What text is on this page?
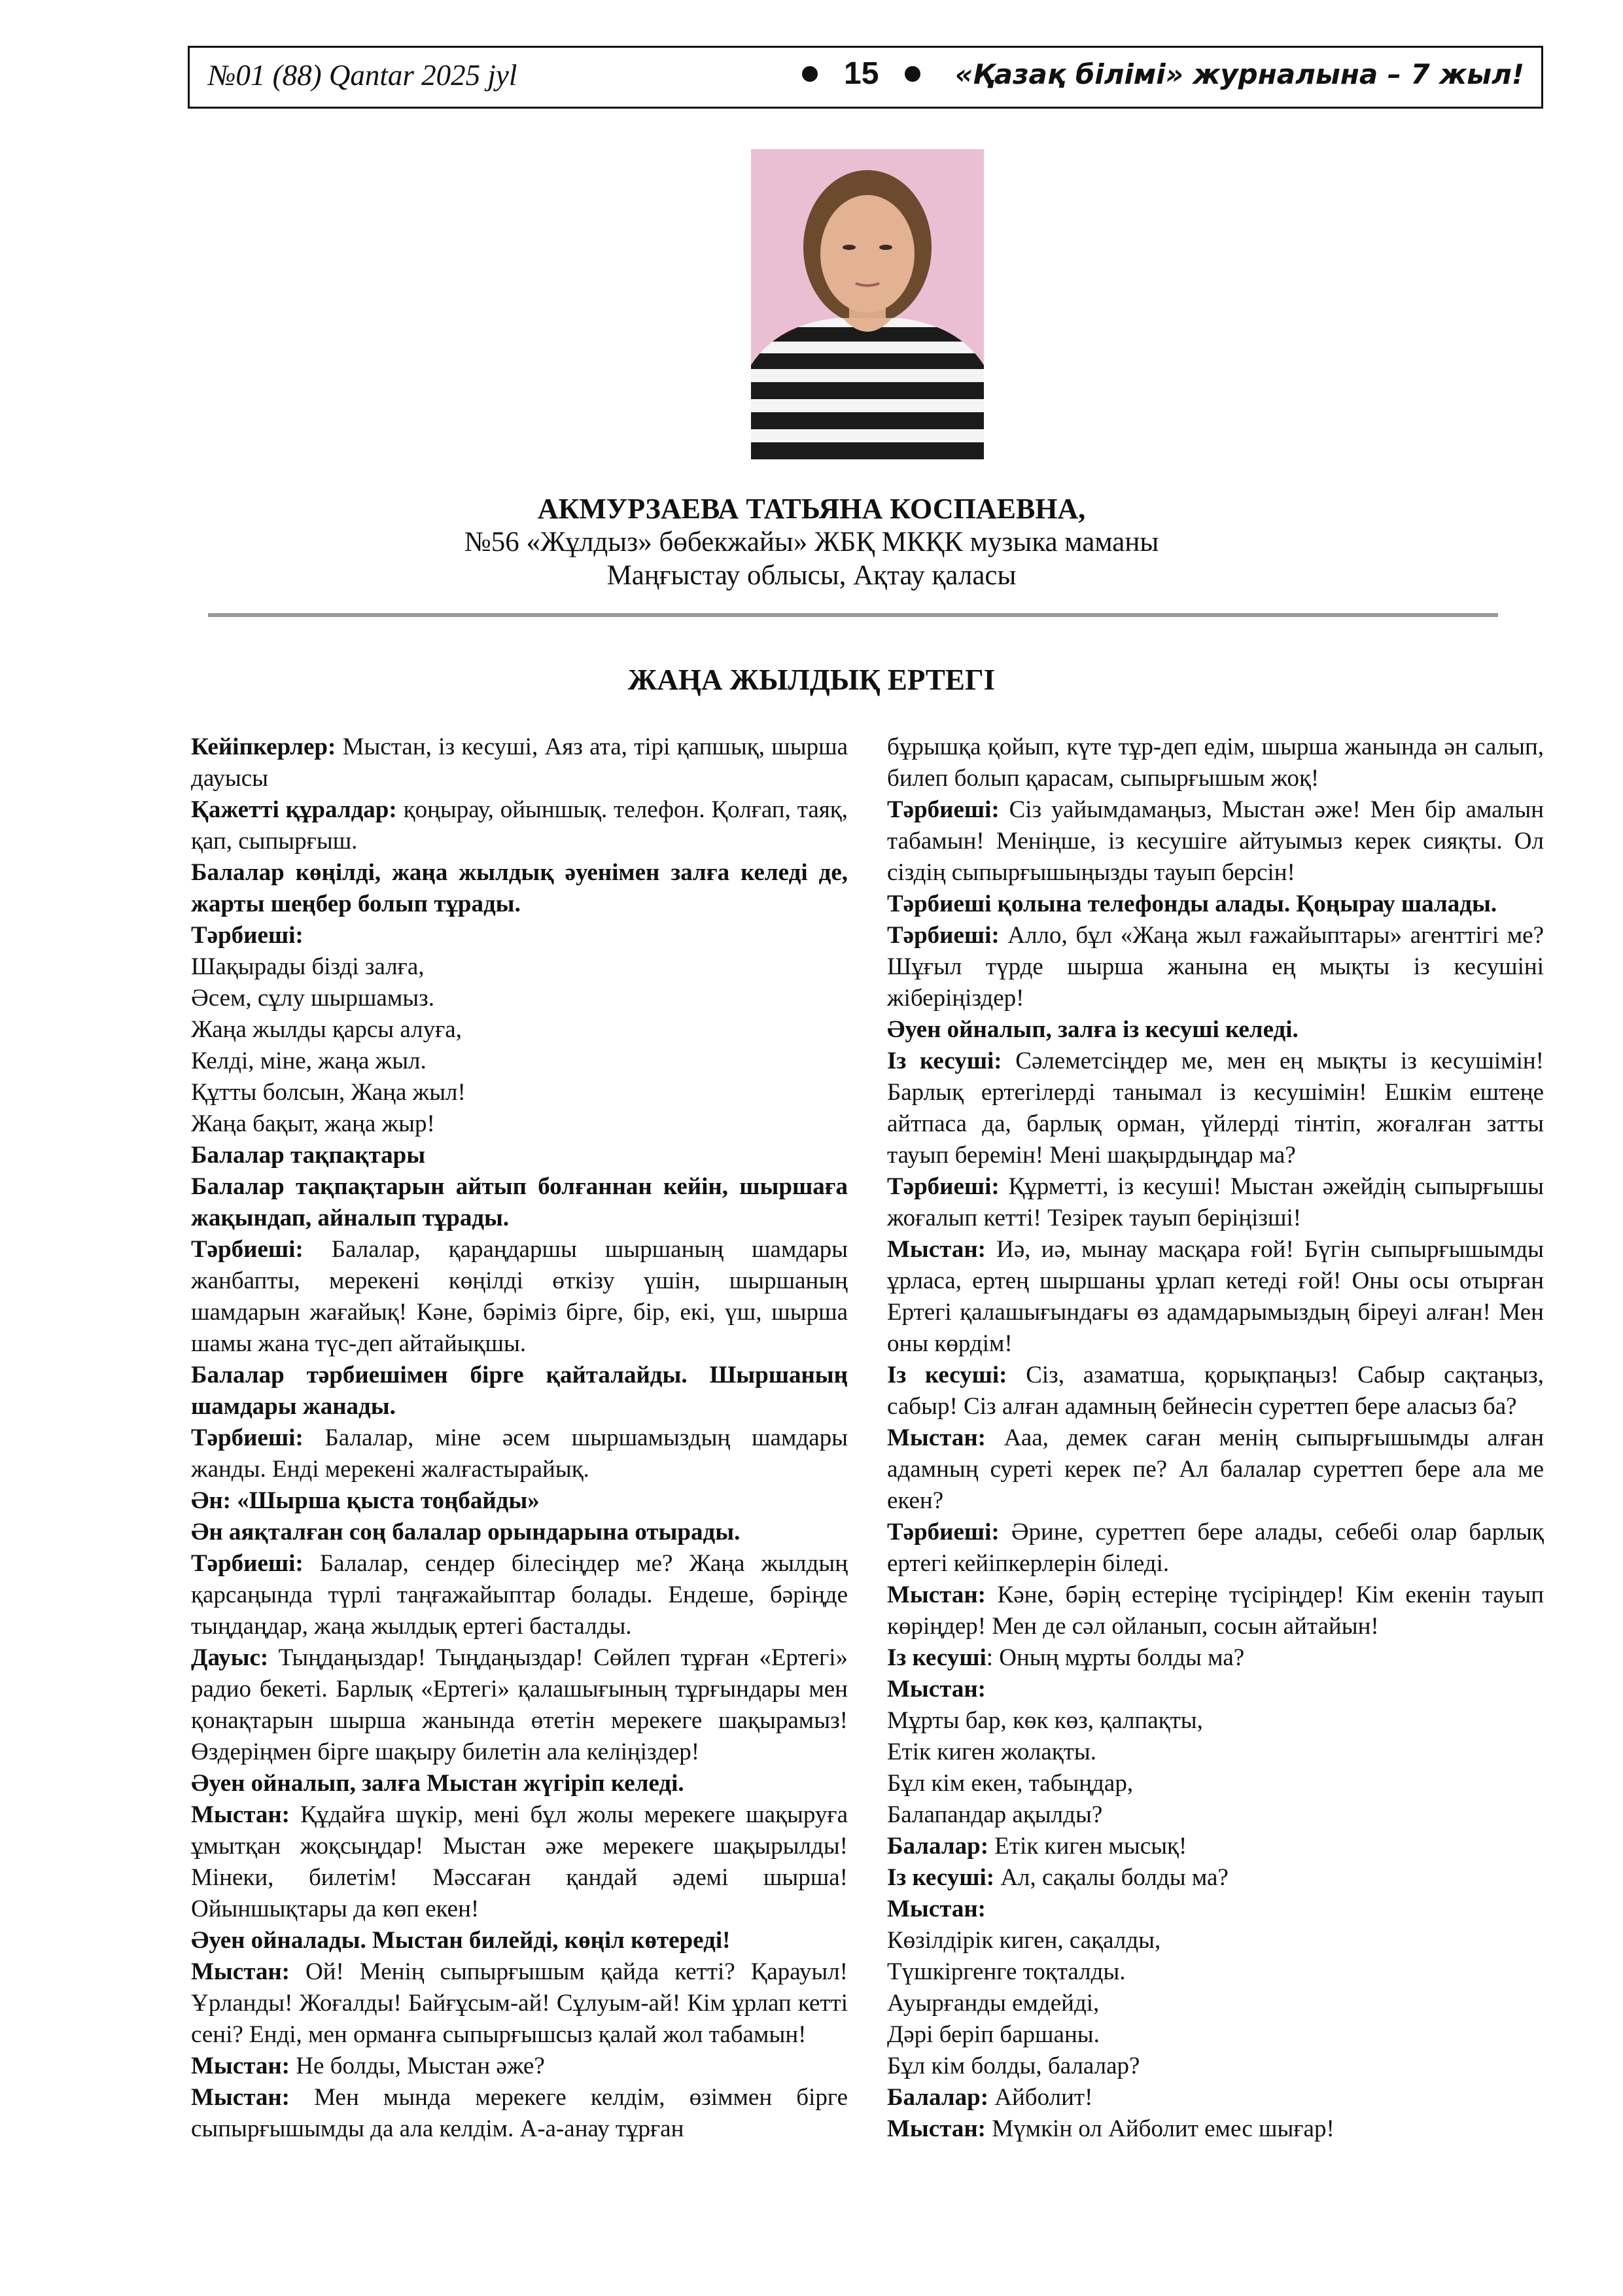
№01 (88) Qantar 2025 jyl	15	«Қазақ білімі» журналына – 7 жыл!
АКМУРЗАЕВА ТАТЬЯНА КОСПАЕВНА,
№56 «Жұлдыз» бөбекжайы» ЖБҚ МКҚК музыка маманы
Маңғыстау облысы, Ақтау қаласы
ЖАҢА ЖЫЛДЫҚ ЕРТЕГІ

Кейіпкерлер: Мыстан, із кесуші, Аяз ата, тірі қапшық, шырша дауысы

Қажетті құралдар: қоңырау, ойыншық. телефон. Қолғап, таяқ, қап, сыпырғыш.

Балалар көңілді, жаңа жылдық әуенімен залға келеді де, жарты шеңбер болып тұрады.

Тәрбиеші:

Шақырады бізді залға,

Әсем, сұлу шыршамыз.

Жаңа жылды қарсы алуға,

Келді, міне, жаңа жыл.

Құтты болсын, Жаңа жыл!

Жаңа бақыт, жаңа жыр!

Балалар тақпақтары

Балалар тақпақтарын айтып болғаннан кейін, шыршаға жақындап, айналып тұрады.

Тәрбиеші: Балалар, қараңдаршы шыршаның шамдары жанбапты, мерекені көңілді өткізу үшін, шыршаның шамдарын жағайық! Кәне, бәріміз бірге, бір, екі, үш, шырша шамы жана түс-деп айтайықшы.

Балалар тәрбиешімен бірге қайталайды. Шыршаның шамдары жанады.

Тәрбиеші: Балалар, міне әсем шыршамыздың шамдары жанды. Енді мерекені жалғастырайық.

Ән: «Шырша қыста тоңбайды»

Ән аяқталған соң балалар орындарына отырады.

Тәрбиеші: Балалар, сендер білесіңдер ме? Жаңа жылдың қарсаңында түрлі таңғажайыптар болады. Ендеше, бәріңде тыңдаңдар, жаңа жылдық ертегі басталды.

Дауыс: Тыңдаңыздар! Тыңдаңыздар! Сөйлеп тұрған «Ертегі» радио бекеті. Барлық «Ертегі» қалашығының тұрғындары мен қонақтарын шырша жанында өтетін мерекеге шақырамыз! Өздеріңмен бірге шақыру билетін ала келіңіздер!

Әуен ойналып, залға Мыстан жүгіріп келеді.

Мыстан: Құдайға шүкір, мені бұл жолы мерекеге шақыруға ұмытқан жоқсыңдар! Мыстан әже мерекеге шақырылды! Мінеки, билетім! Мәссаған қандай әдемі шырша! Ойыншықтары да көп екен!

Әуен ойналады. Мыстан билейді, көңіл көтереді!

Мыстан: Ой! Менің сыпырғышым қайда кетті? Қарауыл! Ұрланды! Жоғалды! Байғұсым-ай! Сұлуым-ай! Кім ұрлап кетті сені? Енді, мен орманға сыпырғышсыз қалай жол табамын!

Мыстан: Не болды, Мыстан әже?

Мыстан: Мен мында мерекеге келдім, өзіммен бірге сыпырғышымды да ала келдім. А-а-анау тұрған

бұрышқа қойып, күте тұр-деп едім, шырша жанында ән салып, билеп болып қарасам, сыпырғышым жоқ!

Тәрбиеші: Сіз уайымдамаңыз, Мыстан әже! Мен бір амалын табамын! Меніңше, із кесушіге айтуымыз керек сияқты. Ол сіздің сыпырғышыңызды тауып берсін!

Тәрбиеші қолына телефонды алады. Қоңырау шалады.

Тәрбиеші: Алло, бұл «Жаңа жыл ғажайыптары» агенттігі ме? Шұғыл түрде шырша жанына ең мықты із кесушіні жіберіңіздер!

Әуен ойналып, залға із кесуші келеді.

Із кесуші: Сәлеметсіңдер ме, мен ең мықты із кесушімін! Барлық ертегілерді танымал із кесушімін! Ешкім ештеңе айтпаса да, барлық орман, үйлерді тінтіп, жоғалған затты тауып беремін! Мені шақырдыңдар ма?

Тәрбиеші: Құрметті, із кесуші! Мыстан әжейдің сыпырғышы жоғалып кетті! Тезірек тауып беріңізші!

Мыстан: Иә, иә, мынау масқара ғой! Бүгін сыпырғышымды ұрласа, ертең шыршаны ұрлап кетеді ғой! Оны осы отырған Ертегі қалашығындағы өз адамдарымыздың біреуі алған! Мен оны көрдім!

Із кесуші: Сіз, азаматша, қорықпаңыз! Сабыр сақтаңыз, сабыр! Сіз алған адамның бейнесін суреттеп бере аласыз ба?

Мыстан: Ааа, демек саған менің сыпырғышымды алған адамның суреті керек пе? Ал балалар суреттеп бере ала ме екен?

Тәрбиеші: Әрине, суреттеп бере алады, себебі олар барлық ертегі кейіпкерлерін біледі.

Мыстан: Кәне, бәрің естеріңе түсіріңдер! Кім екенін тауып көріңдер! Мен де сәл ойланып, сосын айтайын!

Із кесуші: Оның мұрты болды ма?

Мыстан:

Мұрты бар, көк көз, қалпақты,

Етік киген жолақты.

Бұл кім екен, табыңдар,

Балапандар ақылды?

Балалар: Етік киген мысық!

Із кесуші: Ал, сақалы болды ма?

Мыстан:

Көзілдірік киген, сақалды,

Түшкіргенге тоқталды.

Ауырғанды емдейді,

Дәрі беріп баршаны.

Бұл кім болды, балалар?

Балалар: Айболит!

Мыстан: Мүмкін ол Айболит емес шығар!
